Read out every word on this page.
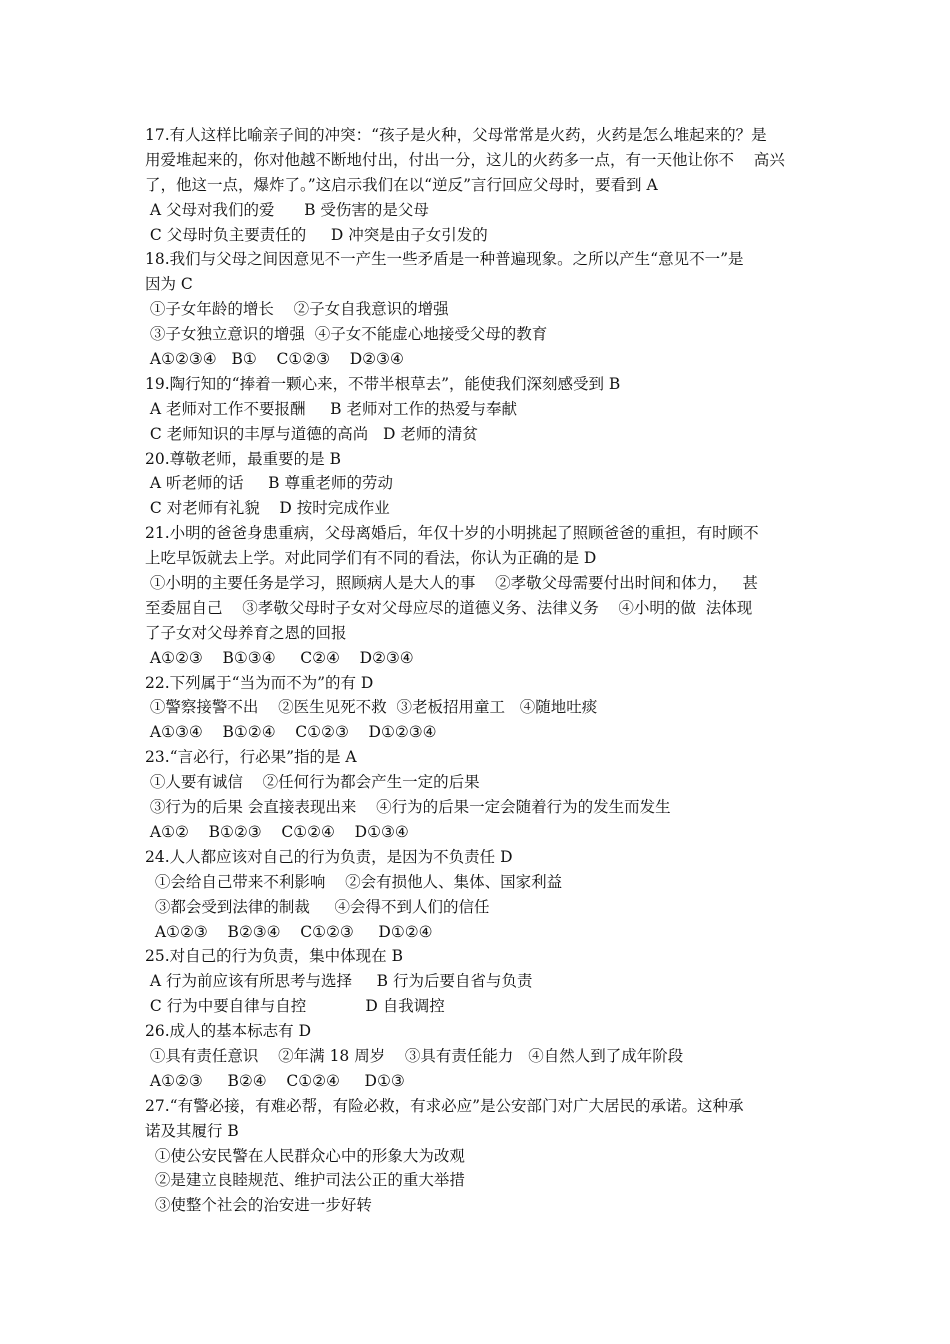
17.有人这样比喻亲子间的冲突：“孩子是火种，父母常常是火药，火药是怎么堆起来的？是
用爱堆起来的，你对他越不断地付出，付出一分，这儿的火药多一点，有一天他让你不    高兴
了，他这一点，爆炸了。”这启示我们在以“逆反”言行回应父母时，要看到 A
A 父母对我们的爱      B 受伤害的是父母
C 父母时负主要责任的     D 冲突是由子女引发的
18.我们与父母之间因意见不一产生一些矛盾是一种普遍现象。之所以产生“意见不一”是
因为 C
①子女年龄的增长    ②子女自我意识的增强
③子女独立意识的增强  ④子女不能虚心地接受父母的教育
A①②③④   B①    C①②③    D②③④
19.陶行知的“捧着一颗心来，不带半根草去”，能使我们深刻感受到 B
A 老师对工作不要报酬     B 老师对工作的热爱与奉献
C 老师知识的丰厚与道德的高尚   D 老师的清贫
20.尊敬老师，最重要的是 B
A 听老师的话     B 尊重老师的劳动
C 对老师有礼貌    D 按时完成作业
21.小明的爸爸身患重病，父母离婚后，年仅十岁的小明挑起了照顾爸爸的重担，有时顾不
上吃早饭就去上学。对此同学们有不同的看法，你认为正确的是 D
①小明的主要任务是学习，照顾病人是大人的事    ②孝敬父母需要付出时间和体力，   甚
至委屈自己    ③孝敬父母时子女对父母应尽的道德义务、法律义务    ④小明的做  法体现
了子女对父母养育之恩的回报
A①②③    B①③④     C②④    D②③④
22.下列属于“当为而不为”的有 D
①警察接警不出    ②医生见死不救  ③老板招用童工   ④随地吐痰
A①③④    B①②④    C①②③    D①②③④
23.“言必行，行必果”指的是 A
①人要有诚信    ②任何行为都会产生一定的后果
③行为的后果 会直接表现出来    ④行为的后果一定会随着行为的发生而发生
A①②    B①②③    C①②④    D①③④
24.人人都应该对自己的行为负责，是因为不负责任 D
①会给自己带来不利影响    ②会有损他人、集体、国家利益
③都会受到法律的制裁     ④会得不到人们的信任
A①②③    B②③④    C①②③     D①②④
25.对自己的行为负责，集中体现在 B
A 行为前应该有所思考与选择     B 行为后要自省与负责
C 行为中要自律与自控            D 自我调控
26.成人的基本标志有 D
①具有责任意识    ②年满 18 周岁    ③具有责任能力   ④自然人到了成年阶段
A①②③     B②④    C①②④     D①③
27.“有警必接，有难必帮，有险必救，有求必应”是公安部门对广大居民的承诺。这种承
诺及其履行 B
①使公安民警在人民群众心中的形象大为改观
②是建立良睦规范、维护司法公正的重大举措
③使整个社会的治安进一步好转
